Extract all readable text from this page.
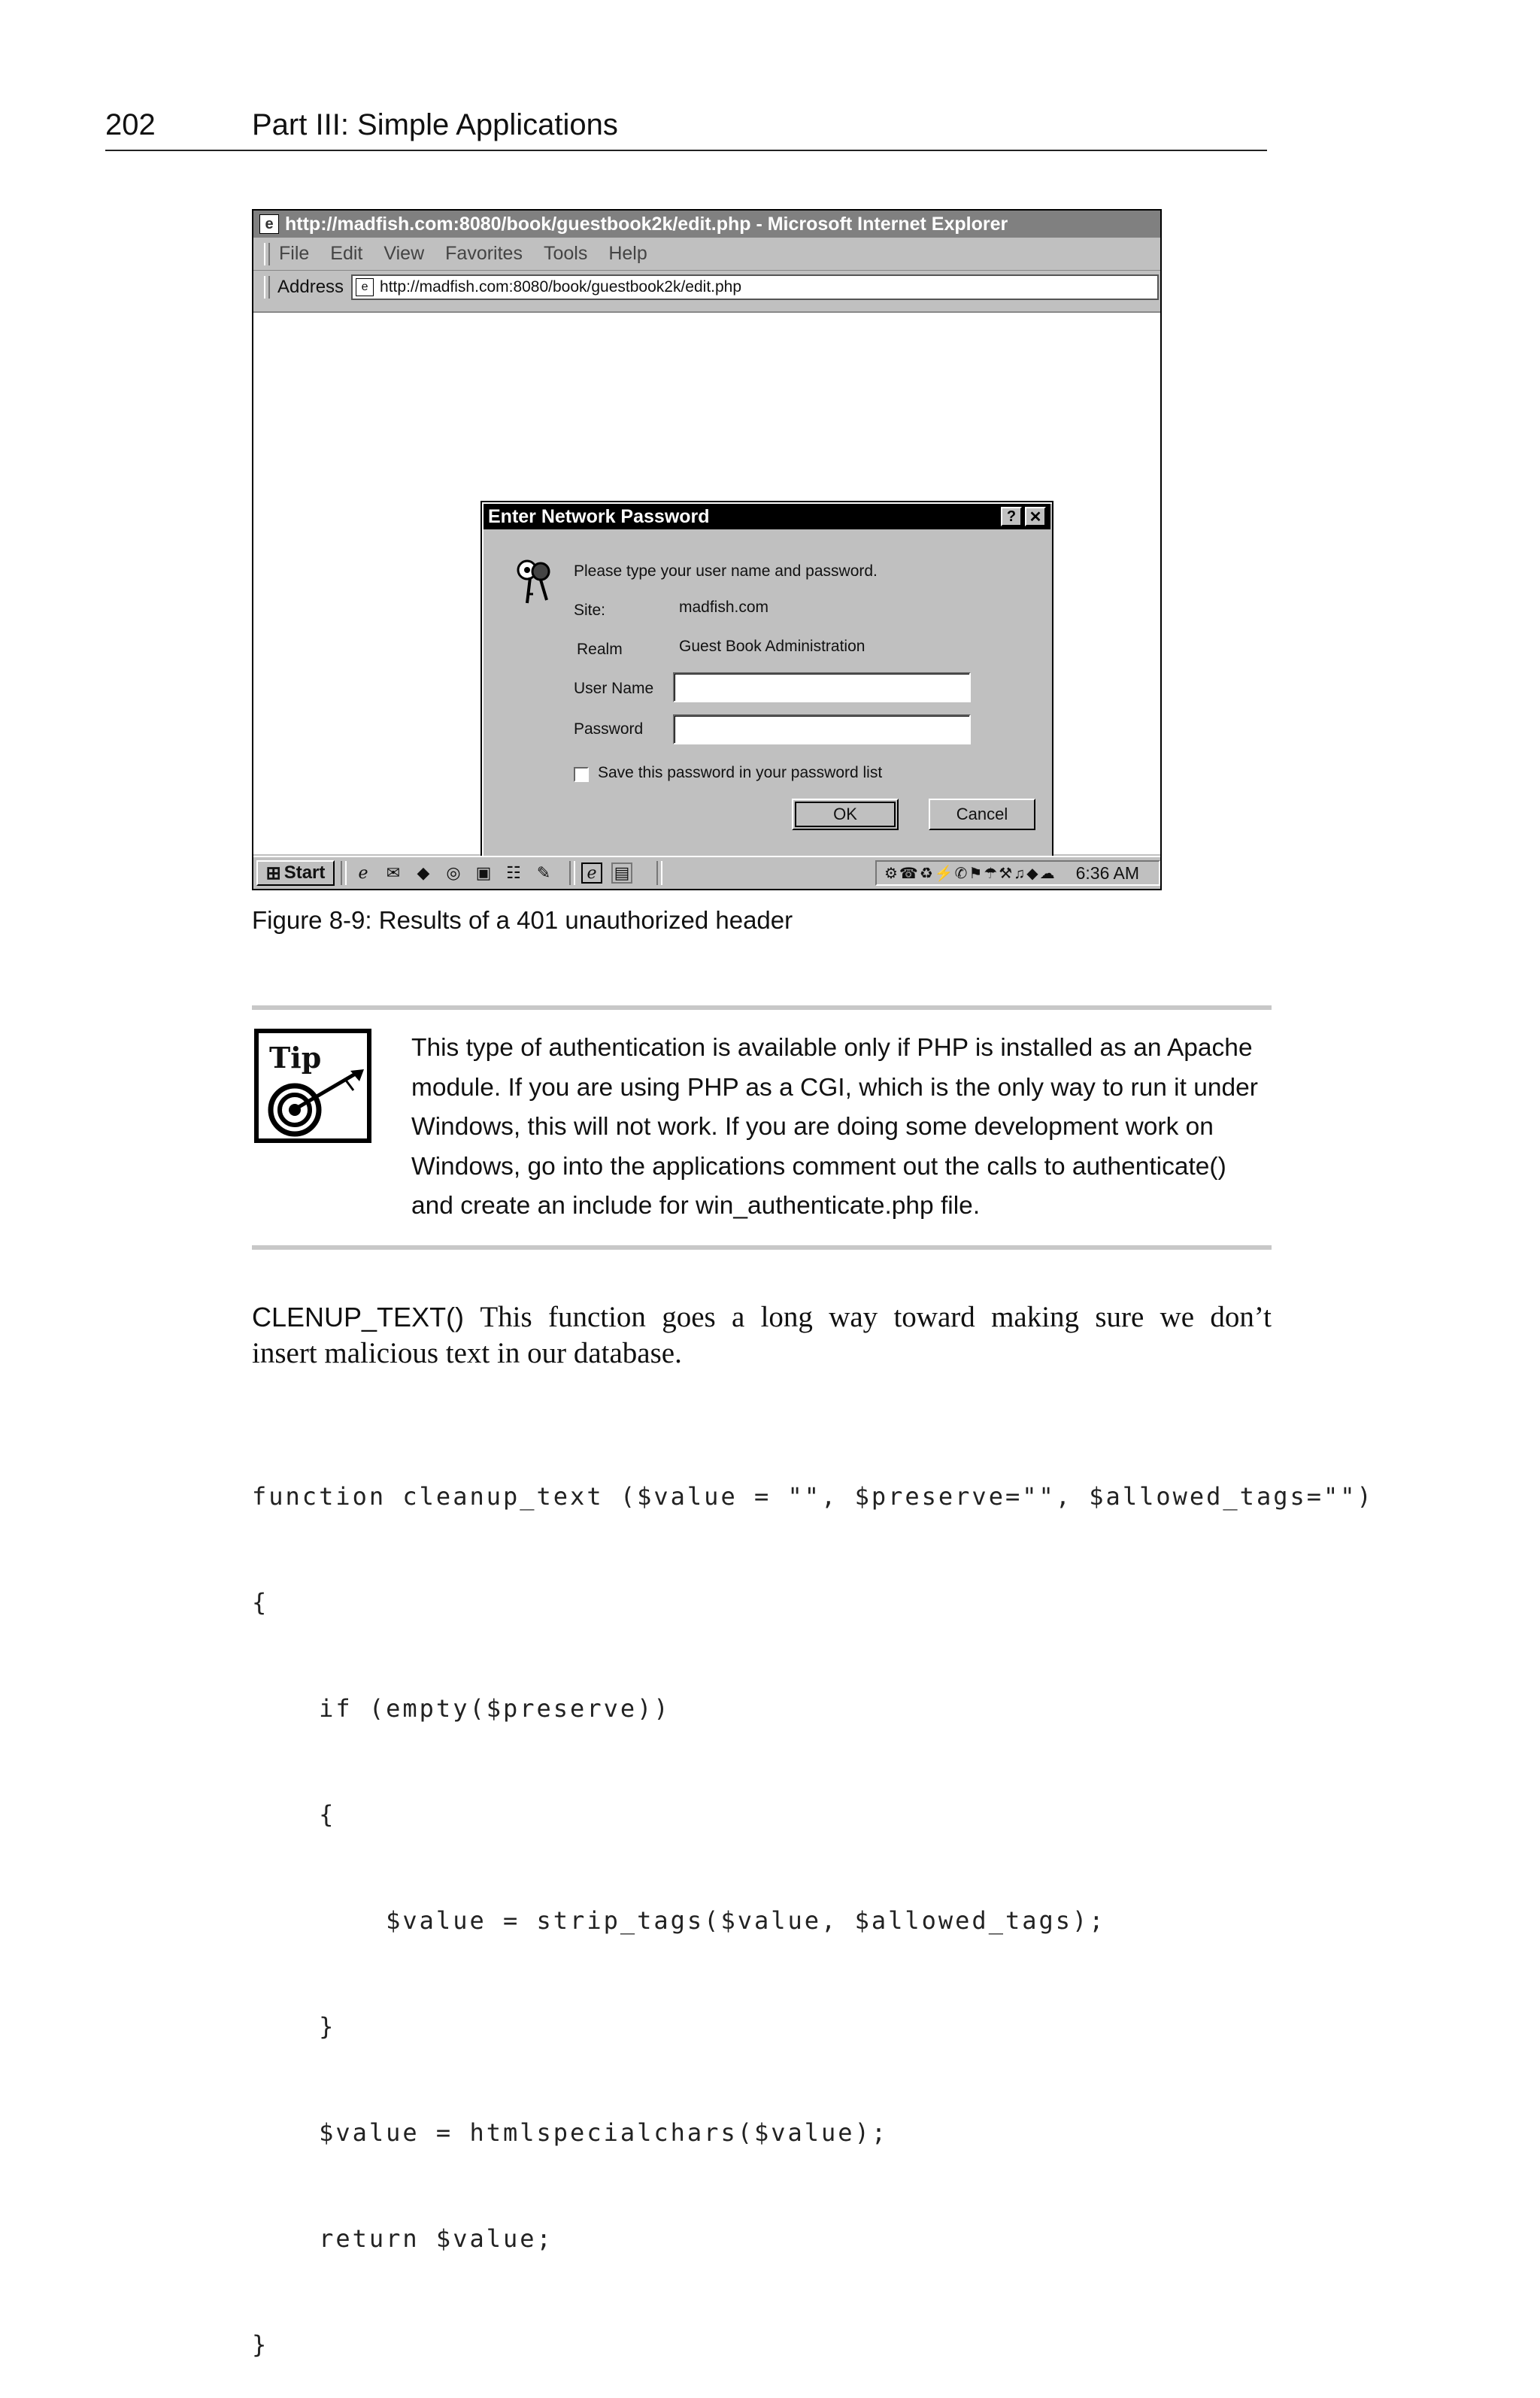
202	Part III: Simple Applications
e http://madfish.com:8080/book/guestbook2k/edit.php - Microsoft Internet Explorer
File Edit View Favorites Tools Help
Address	e http://madfish.com:8080/book/guestbook2k/edit.php
Enter Network Password	? ✕
Please type your user name and password.
Site:	madfish.com
Realm	Guest Book Administration
User Name
Password
Save this password in your password list
OK	Cancel
⊞ Start	ℯ	✉ ◆ ◎ ▣ ☷ ✎	ℯ	▤	⚙☎♻⚡✆⚑☂⚒♫◆☁ 6:36 AM
Figure 8-9: Results of a 401 unauthorized header
Tip	This type of authentication is available only if PHP is installed as an Apache
module. If you are using PHP as a CGI, which is the only way to run it under
Windows, this will not work. If you are doing some development work on
Windows, go into the applications comment out the calls to authenticate()
and create an include for win_authenticate.php file.
CLENUP_TEXT() This function goes a long way toward making sure we don’t
insert malicious text in our database.

function cleanup_text ($value = "", $preserve="", $allowed_tags="")

{

if (empty($preserve))

{

$value = strip_tags($value, $allowed_tags);

}

$value = htmlspecialchars($value);

return $value;

}
